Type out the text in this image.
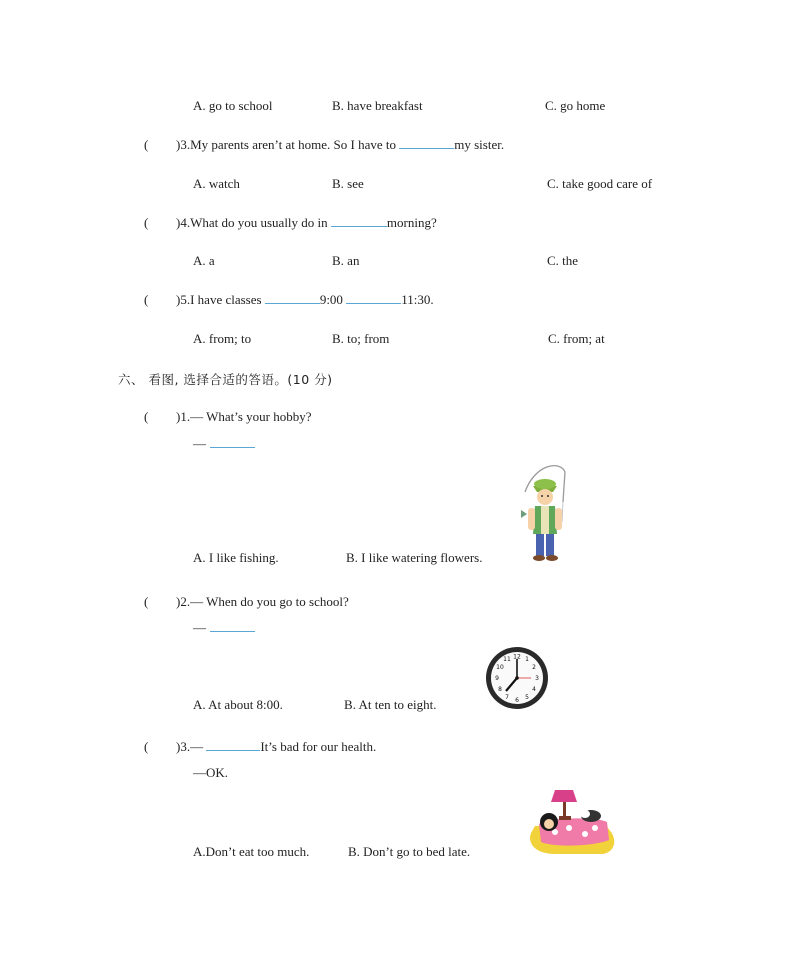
A. go to school	B. have breakfast	C. go home
( )3.My parents aren’t at home. So I have to	my sister.
A. watch	B. see	C. take good care of
( )4.What do you usually do in	morning?
A. a	B. an	C. the
( )5.I have classes	9:00	11:30.
A. from; to	B. to; from	C. from; at
六、 看图, 选择合适的答语。(10 分)
( )1.— What’s your hobby?
—
A. I like fishing.	B. I like watering flowers.
( )2.— When do you go to school?
—
A. At about 8:00.	B. At ten to eight.
12 1
2
3
4
5
6
7
8
9
10
11
( )3.—	It’s bad for our health.
—OK.
A.Don’t eat too much.	B. Don’t go to bed late.
